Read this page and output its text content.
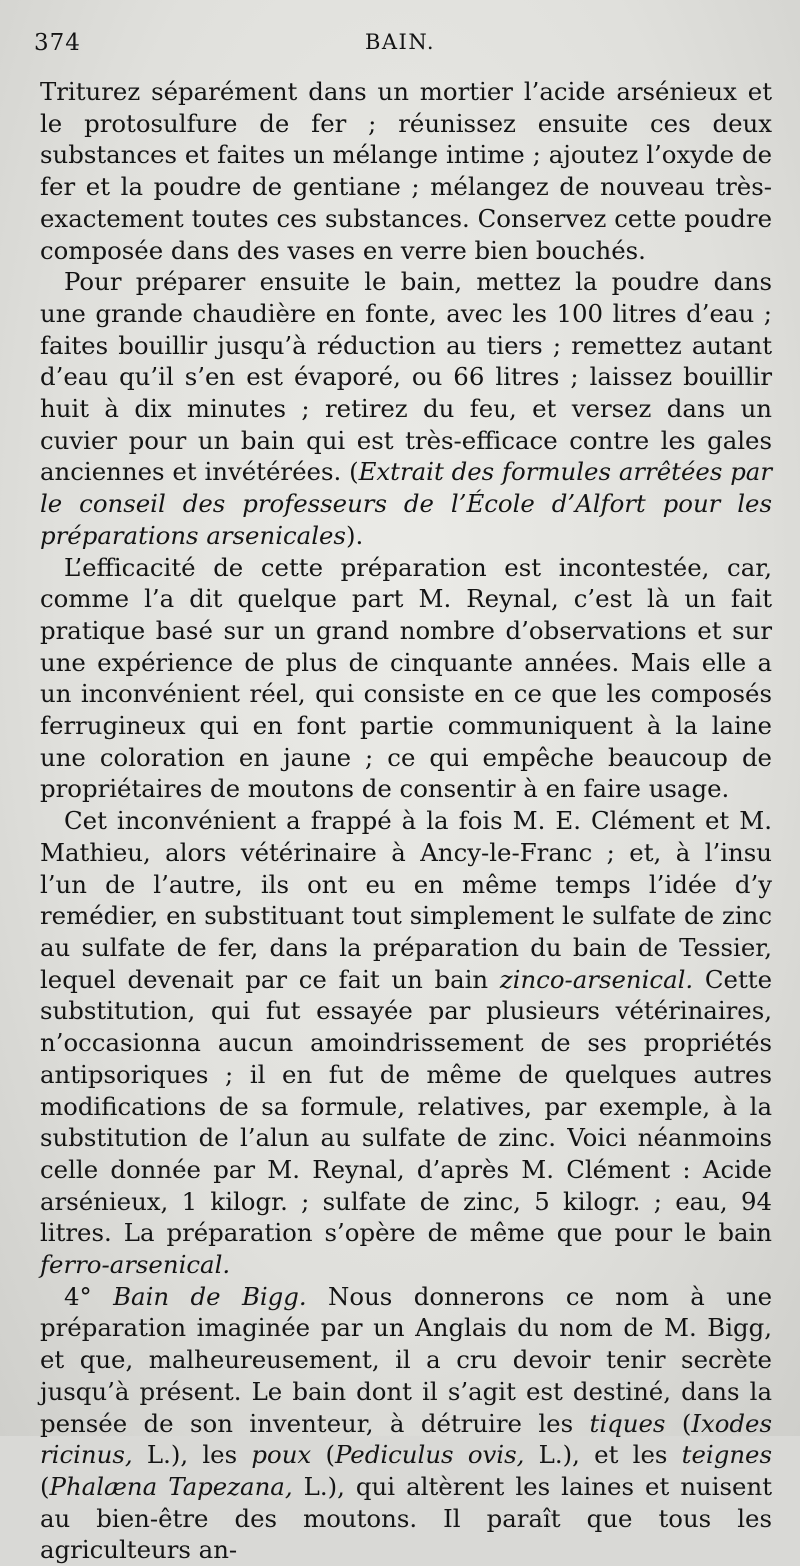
374	BAIN.

Triturez séparément dans un mortier l’acide arsénieux et le protosulfure de fer ; réunissez ensuite ces deux substances et faites un mélange intime ; ajoutez l’oxyde de fer et la poudre de gentiane ; mélangez de nouveau très-exactement toutes ces substances. Conservez cette poudre composée dans des vases en verre bien bouchés.

Pour préparer ensuite le bain, mettez la poudre dans une grande chaudière en fonte, avec les 100 litres d’eau ; faites bouillir jusqu’à réduction au tiers ; remettez autant d’eau qu’il s’en est évaporé, ou 66 litres ; laissez bouillir huit à dix minutes ; retirez du feu, et versez dans un cuvier pour un bain qui est très-efficace contre les gales anciennes et invétérées. (Extrait des formules arrêtées par le conseil des professeurs de l’École d’Alfort pour les préparations arsenicales).

L’efficacité de cette préparation est incontestée, car, comme l’a dit quelque part M. Reynal, c’est là un fait pratique basé sur un grand nombre d’observations et sur une expérience de plus de cinquante années. Mais elle a un inconvénient réel, qui consiste en ce que les composés ferrugineux qui en font partie communiquent à la laine une coloration en jaune ; ce qui empêche beaucoup de propriétaires de moutons de consentir à en faire usage.

Cet inconvénient a frappé à la fois M. E. Clément et M. Mathieu, alors vétérinaire à Ancy-le-Franc ; et, à l’insu l’un de l’autre, ils ont eu en même temps l’idée d’y remédier, en substituant tout simplement le sulfate de zinc au sulfate de fer, dans la préparation du bain de Tessier, lequel devenait par ce fait un bain zinco-arsenical. Cette substitution, qui fut essayée par plusieurs vétérinaires, n’occasionna aucun amoindrissement de ses propriétés antipsoriques ; il en fut de même de quelques autres modifications de sa formule, relatives, par exemple, à la substitution de l’alun au sulfate de zinc. Voici néanmoins celle donnée par M. Reynal, d’après M. Clément : Acide arsénieux, 1 kilogr. ; sulfate de zinc, 5 kilogr. ; eau, 94 litres. La préparation s’opère de même que pour le bain ferro-arsenical.

4° Bain de Bigg. Nous donnerons ce nom à une préparation imaginée par un Anglais du nom de M. Bigg, et que, malheureusement, il a cru devoir tenir secrète jusqu’à présent. Le bain dont il s’agit est destiné, dans la pensée de son inventeur, à détruire les tiques (Ixodes ricinus, L.), les poux (Pediculus ovis, L.), et les teignes (Phalæna Tapezana, L.), qui altèrent les laines et nuisent au bien-être des moutons. Il paraît que tous les agriculteurs an-
